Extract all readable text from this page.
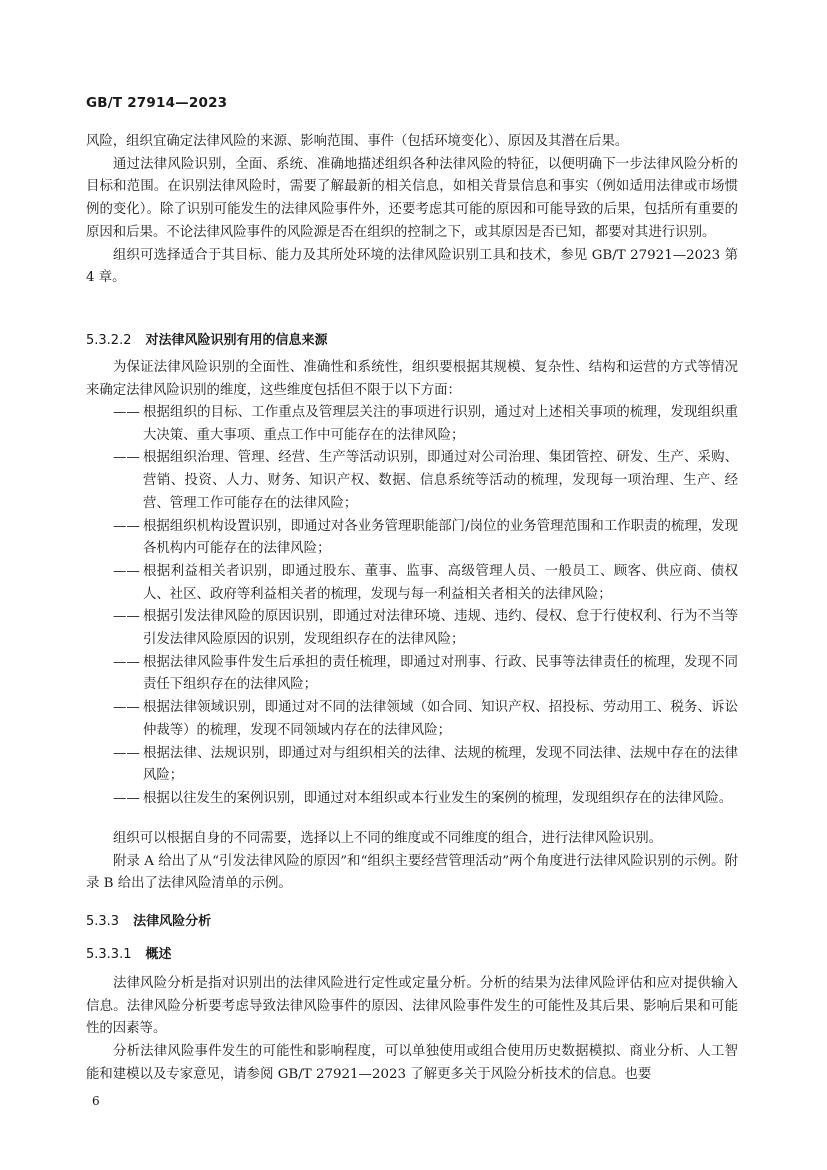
GB/T 27914—2023

风险，组织宜确定法律风险的来源、影响范围、事件（包括环境变化）、原因及其潜在后果。

通过法律风险识别，全面、系统、准确地描述组织各种法律风险的特征，以便明确下一步法律风险分析的目标和范围。在识别法律风险时，需要了解最新的相关信息，如相关背景信息和事实（例如适用法律或市场惯例的变化）。除了识别可能发生的法律风险事件外，还要考虑其可能的原因和可能导致的后果，包括所有重要的原因和后果。不论法律风险事件的风险源是否在组织的控制之下，或其原因是否已知，都要对其进行识别。

组织可选择适合于其目标、能力及其所处环境的法律风险识别工具和技术，参见 GB/T 27921—2023 第 4 章。

5.3.2.2 对法律风险识别有用的信息来源
为保证法律风险识别的全面性、准确性和系统性，组织要根据其规模、复杂性、结构和运营的方式等情况来确定法律风险识别的维度，这些维度包括但不限于以下方面：
—— 根据组织的目标、工作重点及管理层关注的事项进行识别，通过对上述相关事项的梳理，发现组织重大决策、重大事项、重点工作中可能存在的法律风险；
—— 根据组织治理、管理、经营、生产等活动识别，即通过对公司治理、集团管控、研发、生产、采购、营销、投资、人力、财务、知识产权、数据、信息系统等活动的梳理，发现每一项治理、生产、经营、管理工作可能存在的法律风险；
—— 根据组织机构设置识别，即通过对各业务管理职能部门/岗位的业务管理范围和工作职责的梳理，发现各机构内可能存在的法律风险；
—— 根据利益相关者识别，即通过股东、董事、监事、高级管理人员、一般员工、顾客、供应商、债权人、社区、政府等利益相关者的梳理，发现与每一利益相关者相关的法律风险；
—— 根据引发法律风险的原因识别，即通过对法律环境、违规、违约、侵权、怠于行使权利、行为不当等引发法律风险原因的识别，发现组织存在的法律风险；
—— 根据法律风险事件发生后承担的责任梳理，即通过对刑事、行政、民事等法律责任的梳理，发现不同责任下组织存在的法律风险；
—— 根据法律领域识别，即通过对不同的法律领域（如合同、知识产权、招投标、劳动用工、税务、诉讼仲裁等）的梳理，发现不同领域内存在的法律风险；
—— 根据法律、法规识别，即通过对与组织相关的法律、法规的梳理，发现不同法律、法规中存在的法律风险；
—— 根据以往发生的案例识别，即通过对本组织或本行业发生的案例的梳理，发现组织存在的法律风险。

组织可以根据自身的不同需要，选择以上不同的维度或不同维度的组合，进行法律风险识别。

附录 A 给出了从“引发法律风险的原因”和“组织主要经营管理活动”两个角度进行法律风险识别的示例。附录 B 给出了法律风险清单的示例。

5.3.3 法律风险分析
5.3.3.1 概述

法律风险分析是指对识别出的法律风险进行定性或定量分析。分析的结果为法律风险评估和应对提供输入信息。法律风险分析要考虑导致法律风险事件的原因、法律风险事件发生的可能性及其后果、影响后果和可能性的因素等。

分析法律风险事件发生的可能性和影响程度，可以单独使用或组合使用历史数据模拟、商业分析、人工智能和建模以及专家意见，请参阅 GB/T 27921—2023 了解更多关于风险分析技术的信息。也要

6
